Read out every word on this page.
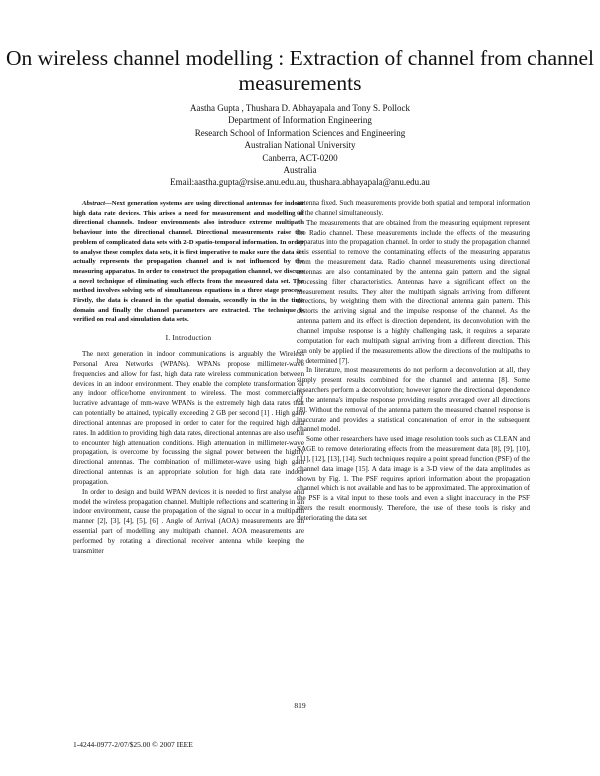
On wireless channel modelling : Extraction of channel from channel measurements
Aastha Gupta , Thushara D. Abhayapala and Tony S. Pollock
Department of Information Engineering
Research School of Information Sciences and Engineering
Australian National University
Canberra, ACT-0200
Australia
Email:aastha.gupta@rsise.anu.edu.au, thushara.abhayapala@anu.edu.au

Abstract—Next generation systems are using directional antennas for indoor high data rate devices. This arises a need for measurement and modelling of directional channels. Indoor environments also introduce extreme multipath behaviour into the directional channel. Directional measurements raise the problem of complicated data sets with 2-D spatio-temporal information. In order to analyse these complex data sets, it is first imperative to make sure the data set actually represents the propagation channel and is not influenced by the measuring apparatus. In order to construct the propagation channel, we discuss a novel technique of eliminating such effects from the measured data set. The method involves solving sets of simultaneous equations in a three stage process. Firstly, the data is cleaned in the spatial domain, secondly in the in the time domain and finally the channel parameters are extracted. The technique is verified on real and simulation data sets.

I. Introduction

The next generation in indoor communications is arguably the Wireless Personal Area Networks (WPANs). WPANs propose millimeter-wave frequencies and allow for fast, high data rate wireless communication between devices in an indoor environment. They enable the complete transformation of any indoor office/home environment to wireless. The most commercially lucrative advantage of mm-wave WPANs is the extremely high data rates that can potentially be attained, typically exceeding 2 GB per second [1] . High gain directional antennas are proposed in order to cater for the required high data rates. In addition to providing high data rates, directional antennas are also useful to encounter high attenuation conditions. High attenuation in millimeter-wave propagation, is overcome by focussing the signal power between the highly directional antennas. The combination of millimeter-wave using high gain directional antennas is an appropriate solution for high data rate indoor propagation.

In order to design and build WPAN devices it is needed to first analyse and model the wireless propagation channel. Multiple reflections and scattering in an indoor environment, cause the propagation of the signal to occur in a multipath manner [2], [3], [4], [5], [6] . Angle of Arrival (AOA) measurements are an essential part of modelling any multipath channel. AOA measurements are performed by rotating a directional receiver antenna while keeping the transmitter

antenna fixed. Such measurements provide both spatial and temporal information of the channel simultaneously.

The measurements that are obtained from the measuring equipment represent the Radio channel. These measurements include the effects of the measuring apparatus into the propagation channel. In order to study the propagation channel it is essential to remove the contaminating effects of the measuring apparatus from the measurement data. Radio channel measurements using directional antennas are also contaminated by the antenna gain pattern and the signal processing filter characteristics. Antennas have a significant effect on the measurement results. They alter the multipath signals arriving from different directions, by weighting them with the directional antenna gain pattern. This distorts the arriving signal and the impulse response of the channel. As the antenna pattern and its effect is direction dependent, its deconvolution with the channel impulse response is a highly challenging task, it requires a separate computation for each multipath signal arriving from a different direction. This can only be applied if the measurements allow the directions of the multipaths to be determined [7].

In literature, most measurements do not perform a deconvolution at all, they simply present results combined for the channel and antenna [8]. Some researchers perform a deconvolution; however ignore the directional dependence of the antenna's impulse response providing results averaged over all directions [8]. Without the removal of the antenna pattern the measured channel response is inaccurate and provides a statistical concatenation of error in the subsequent channel model.

Some other researchers have used image resolution tools such as CLEAN and SAGE to remove deteriorating effects from the measurement data [8], [9], [10], [11], [12], [13], [14]. Such techniques require a point spread function (PSF) of the channel data image [15]. A data image is a 3-D view of the data amplitudes as shown by Fig. 1. The PSF requires apriori information about the propagation channel which is not available and has to be approximated. The approximation of the PSF is a vital input to these tools and even a slight inaccuracy in the PSF alters the result enormously. Therefore, the use of these tools is risky and deteriorating the data set

819
1-4244-0977-2/07/$25.00 © 2007 IEEE
